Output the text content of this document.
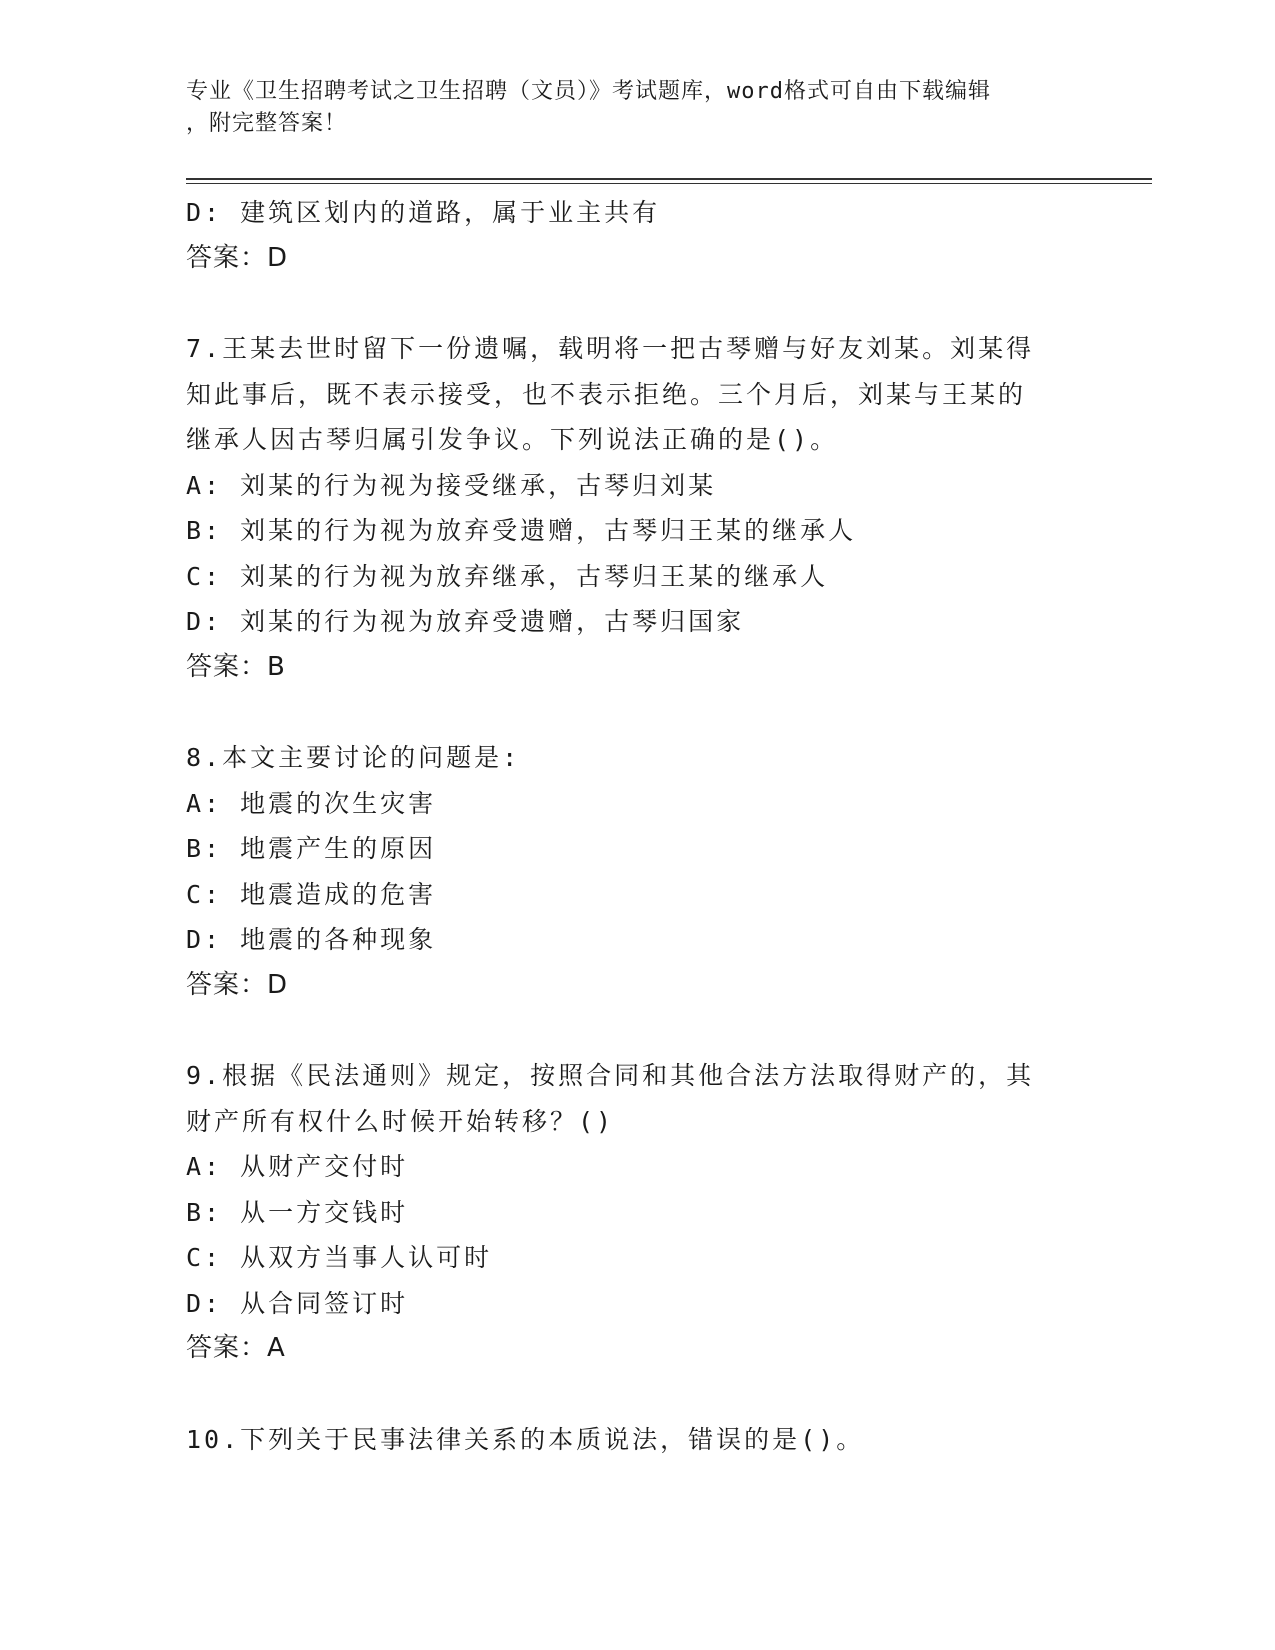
专业《卫生招聘考试之卫生招聘（文员）》考试题库，word格式可自由下载编辑
，附完整答案！
D: 建筑区划内的道路，属于业主共有
答案：D
7.王某去世时留下一份遗嘱，载明将一把古琴赠与好友刘某。刘某得
知此事后，既不表示接受，也不表示拒绝。三个月后，刘某与王某的
继承人因古琴归属引发争议。下列说法正确的是()。
A: 刘某的行为视为接受继承，古琴归刘某
B: 刘某的行为视为放弃受遗赠，古琴归王某的继承人
C: 刘某的行为视为放弃继承，古琴归王某的继承人
D: 刘某的行为视为放弃受遗赠，古琴归国家
答案：B
8.本文主要讨论的问题是:
A: 地震的次生灾害
B: 地震产生的原因
C: 地震造成的危害
D: 地震的各种现象
答案：D
9.根据《民法通则》规定，按照合同和其他合法方法取得财产的，其
财产所有权什么时候开始转移？()
A: 从财产交付时
B: 从一方交钱时
C: 从双方当事人认可时
D: 从合同签订时
答案：A
10.下列关于民事法律关系的本质说法，错误的是()。
